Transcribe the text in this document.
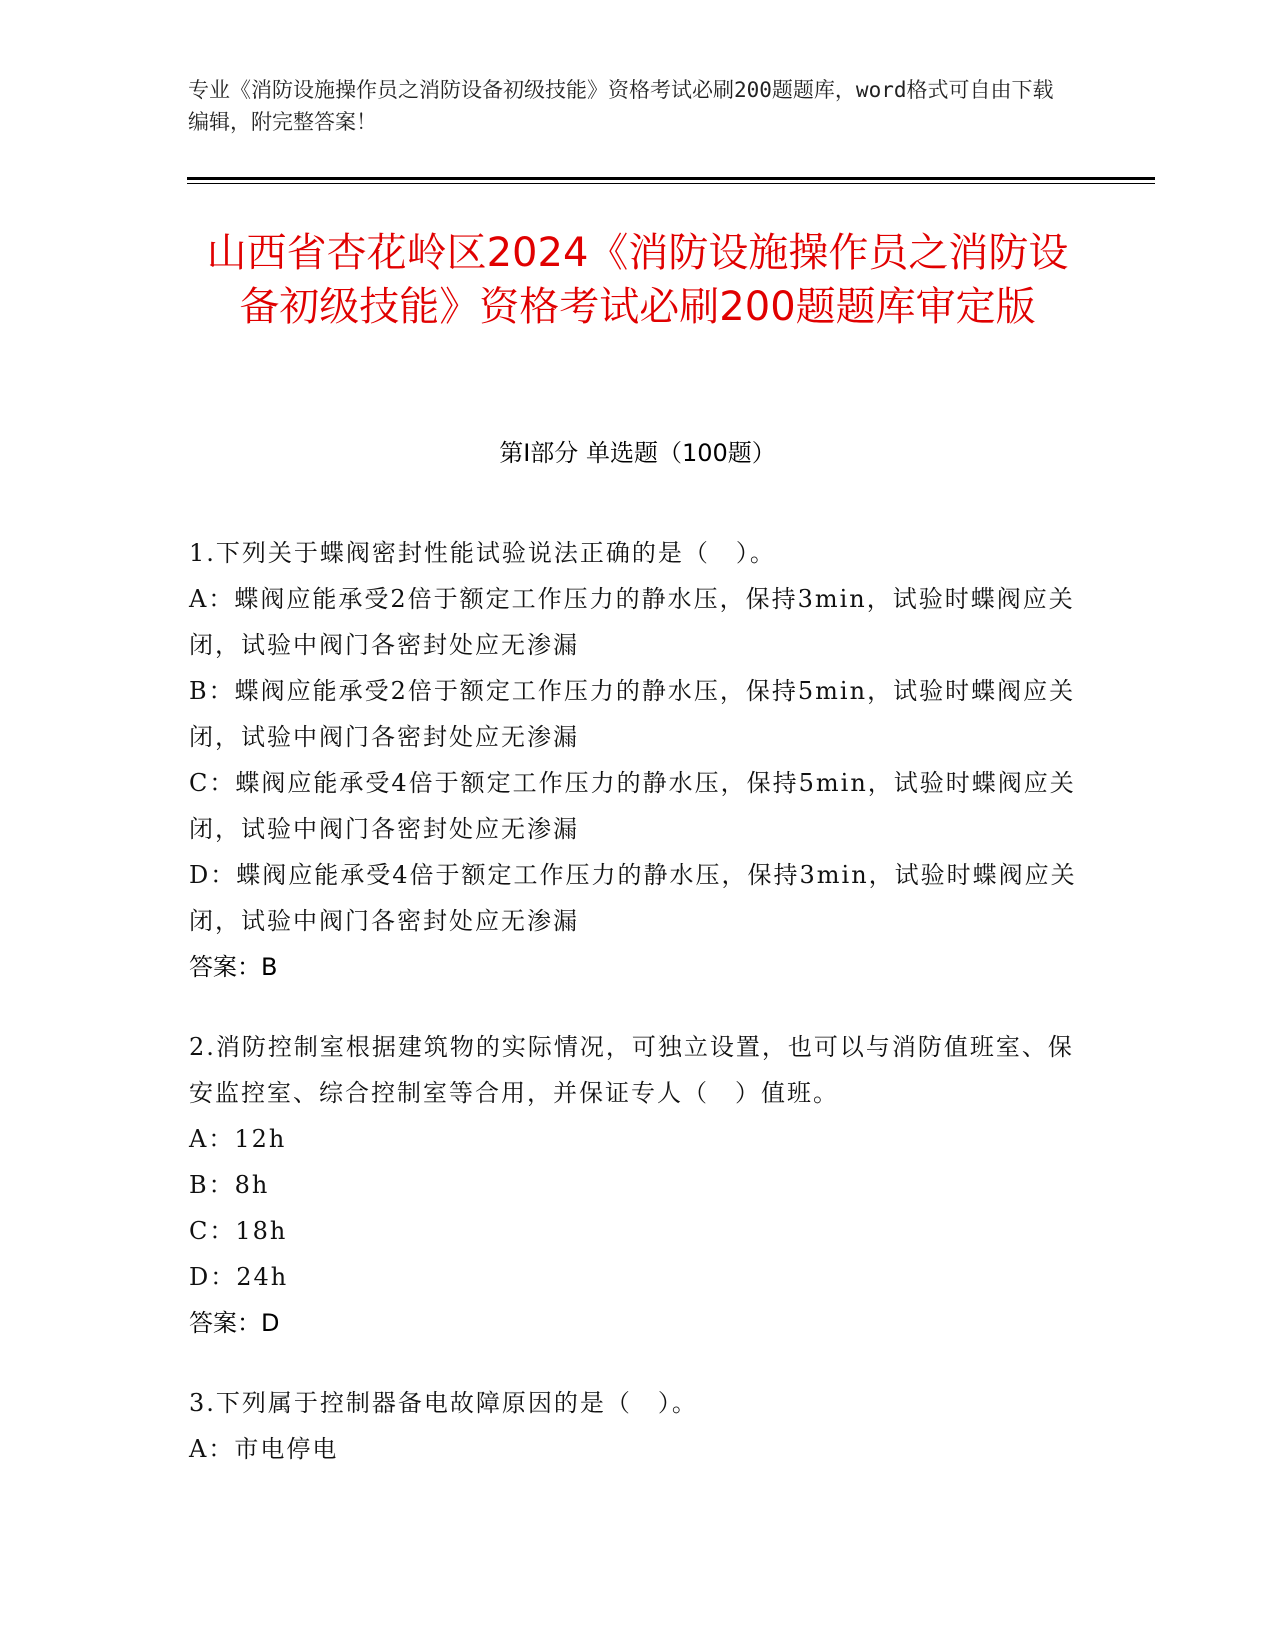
专业《消防设施操作员之消防设备初级技能》资格考试必刷200题题库，word格式可自由下载编辑，附完整答案！
山西省杏花岭区2024《消防设施操作员之消防设备初级技能》资格考试必刷200题题库审定版
第Ⅰ部分 单选题（100题）
1.下列关于蝶阀密封性能试验说法正确的是（　）。
A：蝶阀应能承受2倍于额定工作压力的静水压，保持3min，试验时蝶阀应关闭，试验中阀门各密封处应无渗漏
B：蝶阀应能承受2倍于额定工作压力的静水压，保持5min，试验时蝶阀应关闭，试验中阀门各密封处应无渗漏
C：蝶阀应能承受4倍于额定工作压力的静水压，保持5min，试验时蝶阀应关闭，试验中阀门各密封处应无渗漏
D：蝶阀应能承受4倍于额定工作压力的静水压，保持3min，试验时蝶阀应关闭，试验中阀门各密封处应无渗漏
答案：B
2.消防控制室根据建筑物的实际情况，可独立设置，也可以与消防值班室、保安监控室、综合控制室等合用，并保证专人（　）值班。
A：12h
B：8h
C：18h
D：24h
答案：D
3.下列属于控制器备电故障原因的是（　）。
A：市电停电
